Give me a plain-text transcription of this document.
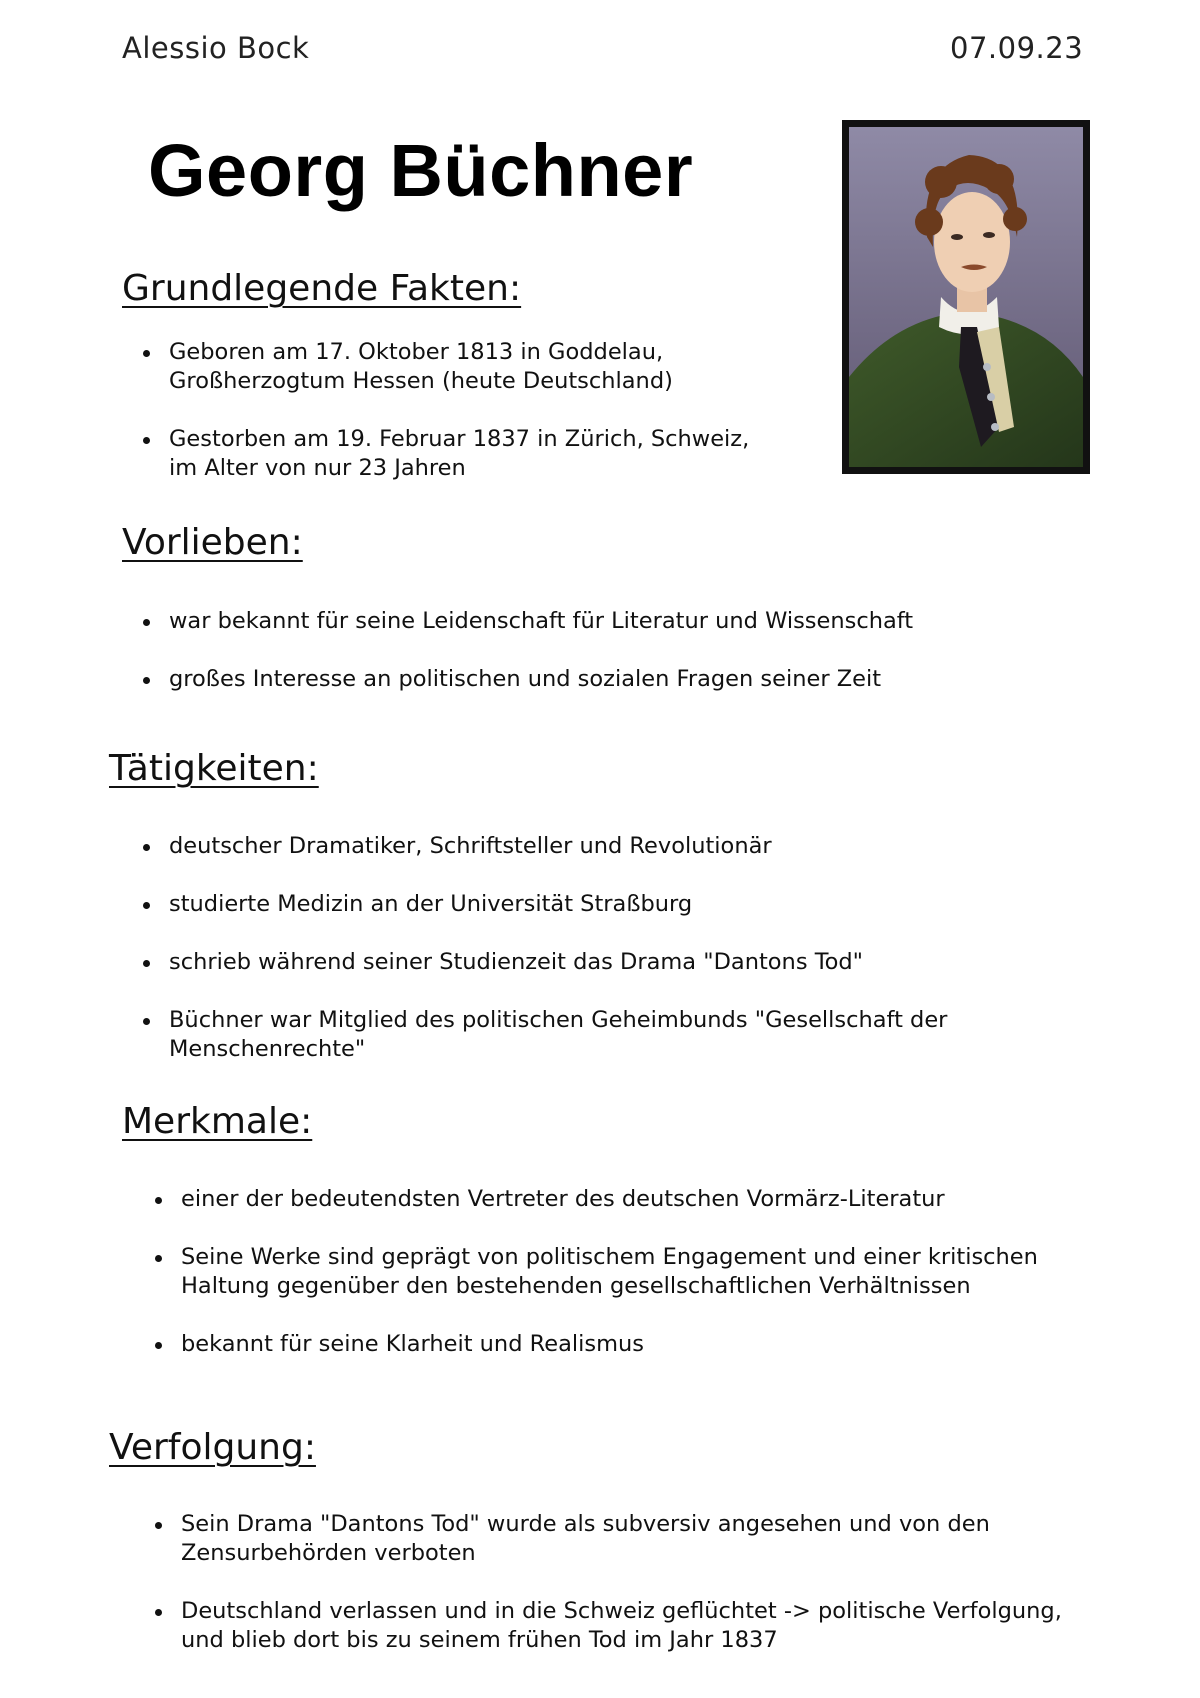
Alessio Bock	07.09.23
Georg Büchner
Grundlegende Fakten:
Geboren am 17. Oktober 1813 in Goddelau, Großherzogtum Hessen (heute Deutschland)
Gestorben am 19. Februar 1837 in Zürich, Schweiz, im Alter von nur 23 Jahren
Vorlieben:
war bekannt für seine Leidenschaft für Literatur und Wissenschaft
großes Interesse an politischen und sozialen Fragen seiner Zeit
Tätigkeiten:
deutscher Dramatiker, Schriftsteller und Revolutionär
studierte Medizin an der Universität Straßburg
schrieb während seiner Studienzeit das Drama "Dantons Tod"
Büchner war Mitglied des politischen Geheimbunds "Gesellschaft der Menschenrechte"
Merkmale:
einer der bedeutendsten Vertreter des deutschen Vormärz-Literatur
Seine Werke sind geprägt von politischem Engagement und einer kritischen Haltung gegenüber den bestehenden gesellschaftlichen Verhältnissen
bekannt für seine Klarheit und Realismus
Verfolgung:
Sein Drama "Dantons Tod" wurde als subversiv angesehen und von den Zensurbehörden verboten
Deutschland verlassen und in die Schweiz geflüchtet -> politische Verfolgung, und blieb dort bis zu seinem frühen Tod im Jahr 1837
